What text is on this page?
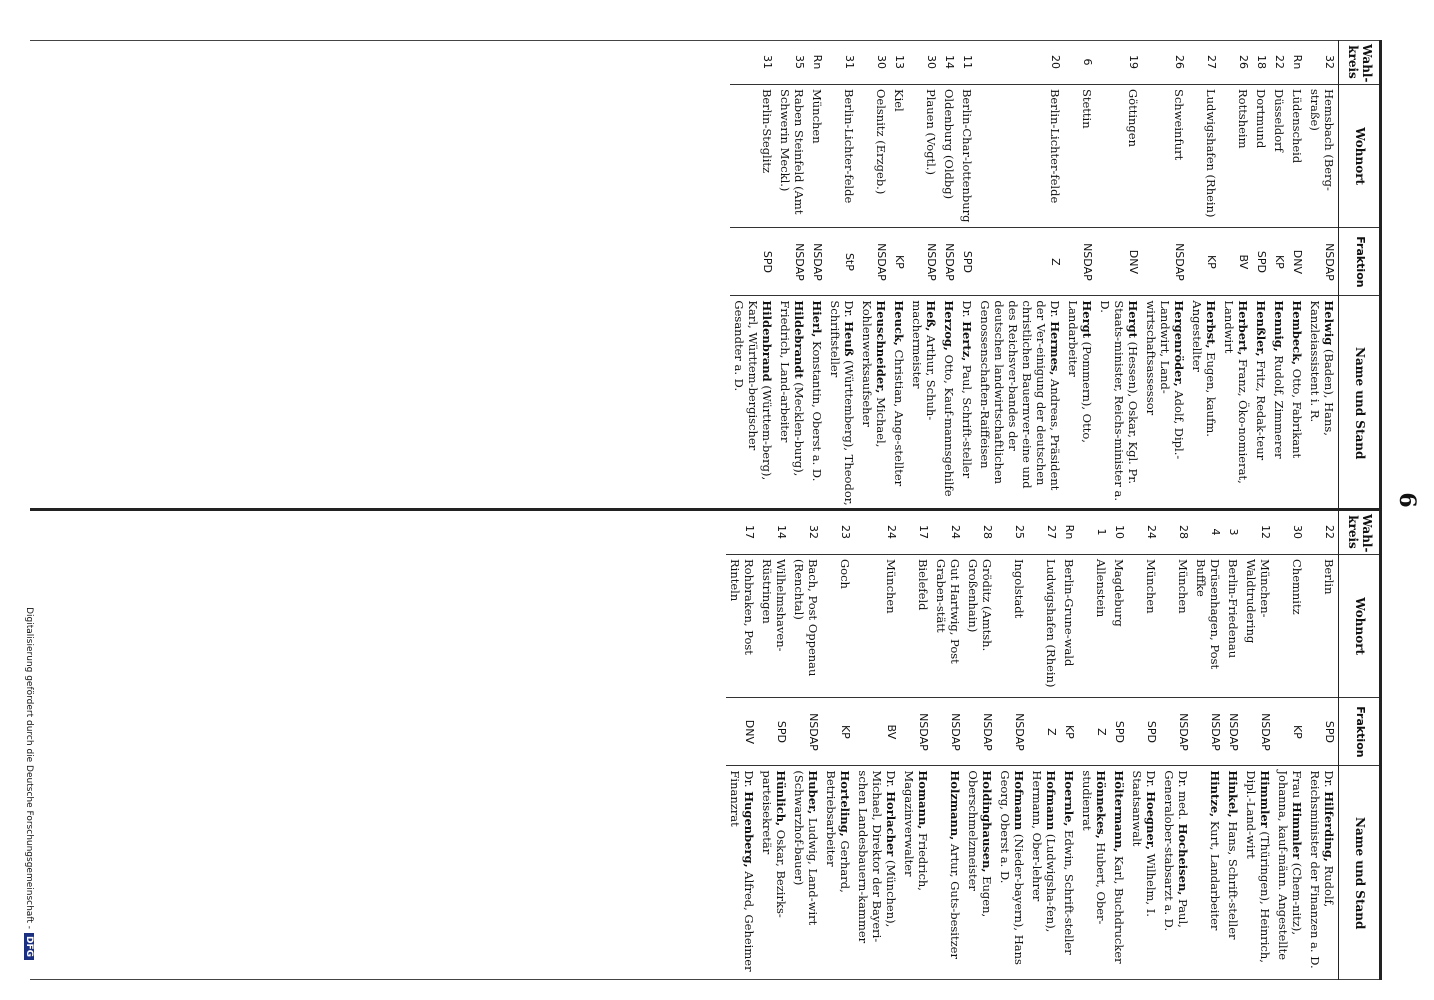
6
Wahl-kreis	Wohnort	Fraktion	Name und Stand
32	Hemsbach (Berg-straße)	NSDAP	Helwig (Baden), Hans, Kanzleiassistent i. R.
Rn	Lüdenscheid	DNV	Hembeck, Otto, Fabrikant
22	Düsseldorf	KP	Hennig, Rudolf, Zimmerer
18	Dortmund	SPD	Henßler, Fritz, Redak-teur
26	Rottsheim	BV	Herbert, Franz, Öko-nomierat, Landwirt
27	Ludwigshafen (Rhein)	KP	Herbst, Eugen, kaufm. Angestellter
26	Schweinfurt	NSDAP	Hergenröder, Adolf, Dipl.-Landwirt, Land-wirtschaftsassessor
19	Göttingen	DNV	Hergt (Hessen), Oskar, Kgl. Pr. Staats-minister, Reichs-minister a. D.
6	Stettin	NSDAP	Hergt (Pommern), Otto, Landarbeiter
20	Berlin-Lichter-felde	Z	Dr. Hermes, Andreas, Präsident der Ver-einigung der deutschen christlichen Bauernver-eine und des Reichsver-bandes der deutschen landwirtschaftlichen Genossenschaften-Raiffeisen
11	Berlin-Char-lottenburg	SPD	Dr. Hertz, Paul, Schrift-steller
14	Oldenburg (Oldbg)	NSDAP	Herzog, Otto, Kauf-mannsgehilfe
30	Plauen (Vogtl.)	NSDAP	Heß, Arthur, Schuh-machermeister
13	Kiel	KP	Heuck, Christian, Ange-stellter
30	Oelsnitz (Erzgeb.)	NSDAP	Heuschneider, Michael, Kohlenwerksaufseher
31	Berlin-Lichter-felde	StP	Dr. Heuß (Württemberg), Theodor, Schriftsteller
Rn	München	NSDAP	Hierl, Konstantin, Oberst a. D.
35	Raben Steinfeld (Amt Schwerin Meckl.)	NSDAP	Hildebrandt (Mecklen-burg), Friedrich, Land-arbeiter
31	Berlin-Steglitz	SPD	Hildenbrand (Württem-berg), Karl, Württem-bergischer Gesandter a. D.
Wahl-kreis	Wohnort	Fraktion	Name und Stand
22	Berlin	SPD	Dr. Hilferding, Rudolf, Reichsminister der Finanzen a. D.
30	Chemnitz	KP	Frau Himmler (Chem-nitz), Johanna, kauf-männ. Angestellte
12	München-Waldtrudering	NSDAP	Himmler (Thüringen), Heinrich, Dipl.-Land-wirt
3	Berlin-Friedenau	NSDAP	Hinkel, Hans, Schrift-steller
4	Drüsenhagen, Post Buffke	NSDAP	Hintze, Kurt, Landarbeiter
28	München	NSDAP	Dr. med. Hocheisen, Paul, Generalober-stabsarzt a. D.
24	München	SPD	Dr. Hoegner, Wilhelm, I. Staatsanwalt
10	Magdeburg	SPD	Höltermann, Karl, Buchdrucker
1	Allenstein	Z	Hönnekes, Hubert, Ober-studienrat
Rn	Berlin-Grune-wald	KP	Hoernle, Edwin, Schrift-steller
27	Ludwigshafen (Rhein)	Z	Hofmann (Ludwigsha-fen), Hermann, Ober-lehrer
25	Ingolstadt	NSDAP	Hofmann (Nieder-bayern), Hans Georg, Oberst a. D.
28	Gröditz (Amtsh. Großenhain)	NSDAP	Holdinghausen, Eugen, Oberschmelzmeister
24	Gut Hartwig, Post Graben-stätt	NSDAP	Holzmann, Artur, Guts-besitzer
17	Bielefeld	NSDAP	Homann, Friedrich, Magazinverwalter
24	München	BV	Dr. Horlacher (München), Michael, Direktor der Bayeri-schen Landesbauern-kammer
23	Goch	KP	Horteling, Gerhard, Betriebsarbeiter
32	Bach, Post Oppenau (Renchtal)	NSDAP	Huber, Ludwig, Land-wirt (Schwarzhof-bauer)
14	Wilhelmshaven-Rüstringen	SPD	Hünlich, Oskar, Bezirks-parteisekretär
17	Rohbraken, Post Rinteln	DNV	Dr. Hugenberg, Alfred, Geheimer Finanzrat
Digitalisierung gefördert durch die Deutsche Forschungsgemeinschaft -DFG
